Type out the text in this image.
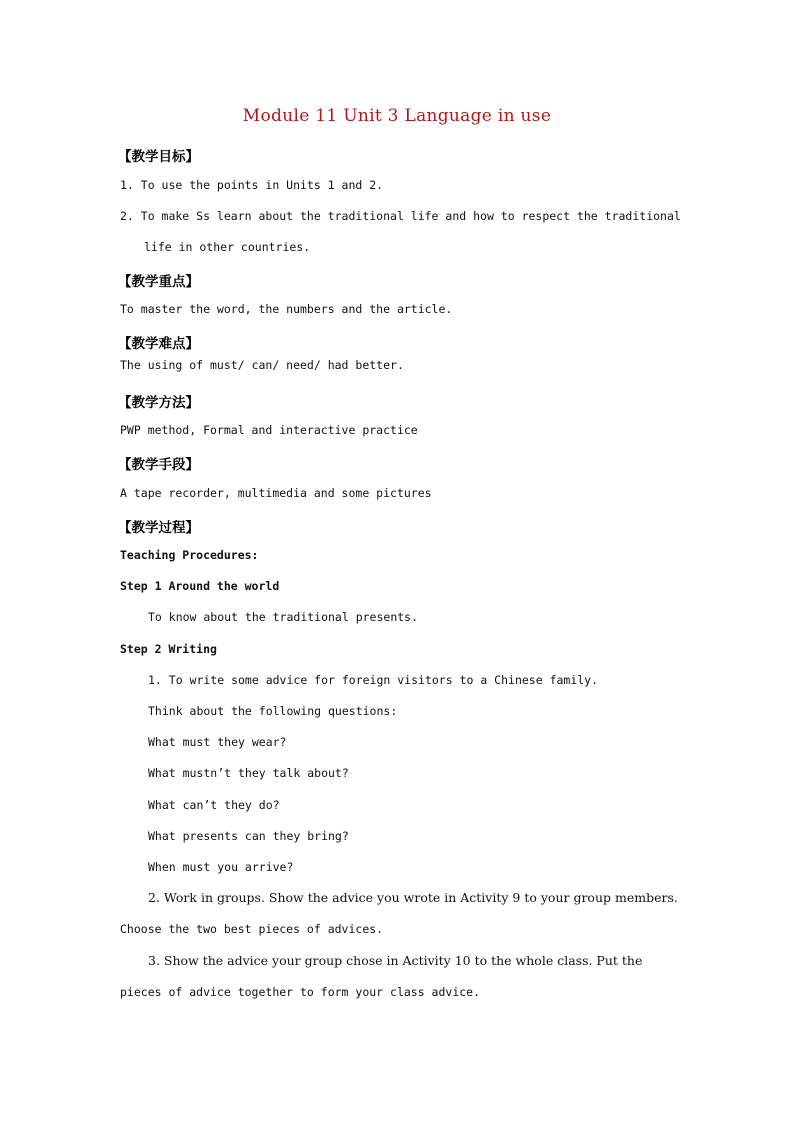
Module 11 Unit 3 Language in use
【教学目标】
1. To use the points in Units 1 and 2.
2. To make Ss learn about the traditional life and how to respect the traditional
life in other countries.
【教学重点】
To master the word, the numbers and the article.
【教学难点】
The using of must/ can/ need/ had better.
【教学方法】
PWP method, Formal and interactive practice
【教学手段】
A tape recorder, multimedia and some pictures
【教学过程】
Teaching Procedures:
Step 1 Around the world
To know about the traditional presents.
Step 2 Writing
1. To write some advice for foreign visitors to a Chinese family.
Think about the following questions:
What must they wear?
What mustn’t they talk about?
What can’t they do?
What presents can they bring?
When must you arrive?
2. Work in groups. Show the advice you wrote in Activity 9 to your group members.
Choose the two best pieces of advices.
3. Show the advice your group chose in Activity 10 to the whole class. Put the
pieces of advice together to form your class advice.
